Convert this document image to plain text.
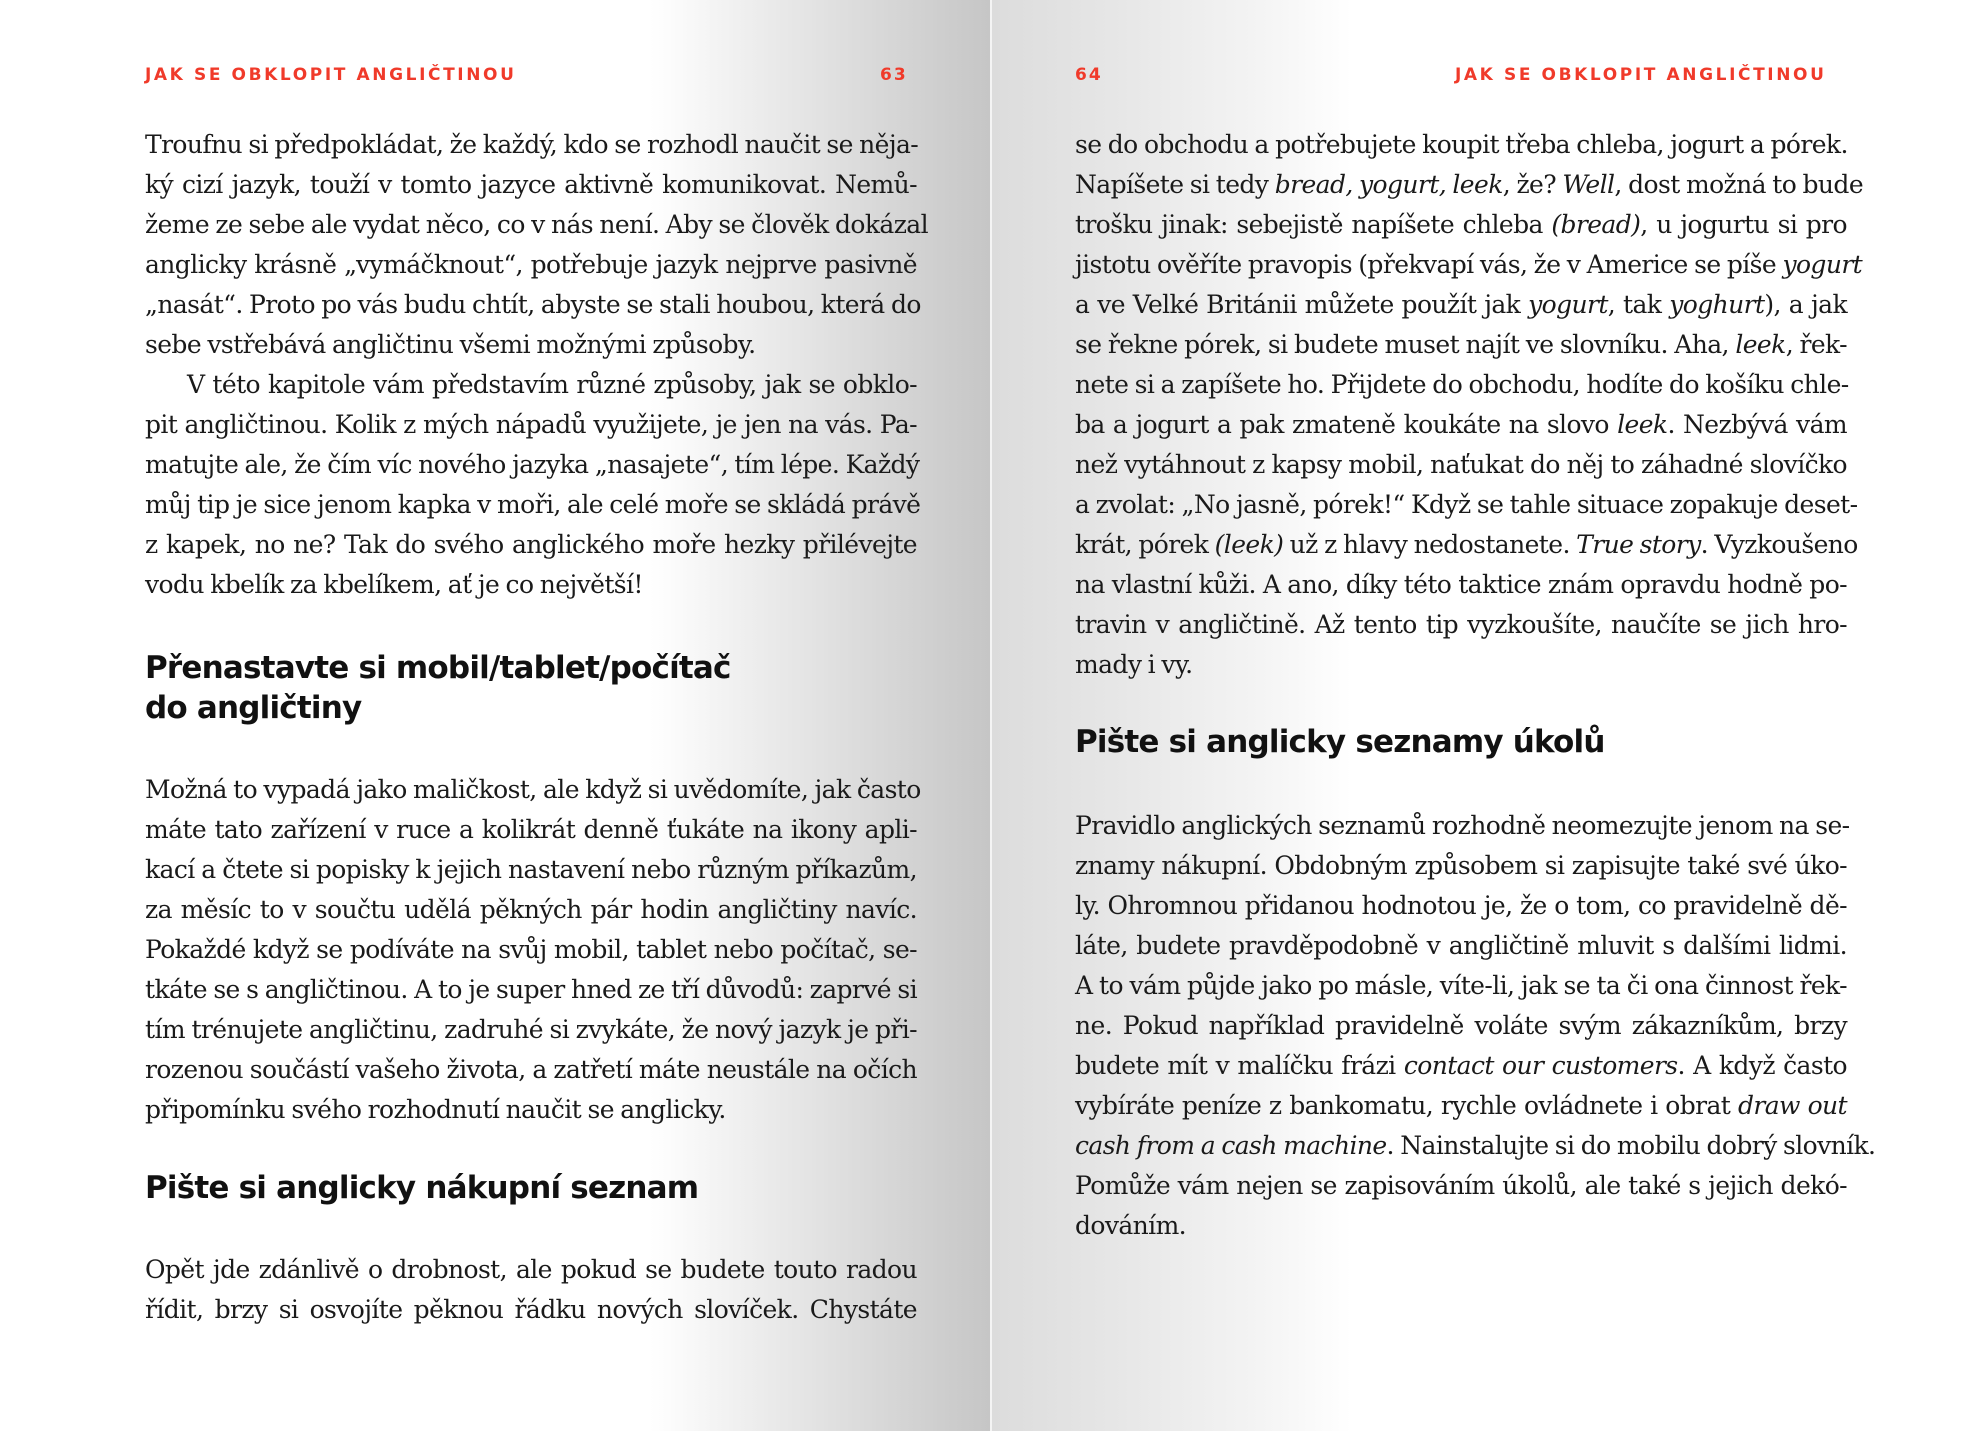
JAK SE OBKLOPIT ANGLIČTINOU	63

Troufnu si předpokládat, že každý, kdo se rozhodl naučit se něja-
ký cizí jazyk, touží v tomto jazyce aktivně komunikovat. Nemů-
žeme ze sebe ale vydat něco, co v nás není. Aby se člověk dokázal
anglicky krásně „vymáčknout“, potřebuje jazyk nejprve pasivně
„nasát“. Proto po vás budu chtít, abyste se stali houbou, která do
sebe vstřebává angličtinu všemi možnými způsoby.

V této kapitole vám představím různé způsoby, jak se obklo-
pit angličtinou. Kolik z mých nápadů využijete, je jen na vás. Pa-
matujte ale, že čím víc nového jazyka „nasajete“, tím lépe. Každý
můj tip je sice jenom kapka v moři, ale celé moře se skládá právě
z kapek, no ne? Tak do svého anglického moře hezky přilévejte
vodu kbelík za kbelíkem, ať je co největší!

Přenastavte si mobil/tablet/počítač
do angličtiny

Možná to vypadá jako maličkost, ale když si uvědomíte, jak často
máte tato zařízení v ruce a kolikrát denně ťukáte na ikony apli-
kací a čtete si popisky k jejich nastavení nebo různým příkazům,
za měsíc to v součtu udělá pěkných pár hodin angličtiny navíc.
Pokaždé když se podíváte na svůj mobil, tablet nebo počítač, se-
tkáte se s angličtinou. A to je super hned ze tří důvodů: zaprvé si
tím trénujete angličtinu, zadruhé si zvykáte, že nový jazyk je při-
rozenou součástí vašeho života, a zatřetí máte neustále na očích
připomínku svého rozhodnutí naučit se anglicky.

Pište si anglicky nákupní seznam

Opět jde zdánlivě o drobnost, ale pokud se budete touto radou
řídit, brzy si osvojíte pěknou řádku nových slovíček. Chystáte

64	JAK SE OBKLOPIT ANGLIČTINOU

se do obchodu a potřebujete koupit třeba chleba, jogurt a pórek.
Napíšete si tedy bread, yogurt, leek, že? Well, dost možná to bude
trošku jinak: sebejistě napíšete chleba (bread), u jogurtu si pro
jistotu ověříte pravopis (překvapí vás, že v Americe se píše yogurt
a ve Velké Británii můžete použít jak yogurt, tak yoghurt), a jak
se řekne pórek, si budete muset najít ve slovníku. Aha, leek, řek-
nete si a zapíšete ho. Přijdete do obchodu, hodíte do košíku chle-
ba a jogurt a pak zmateně koukáte na slovo leek. Nezbývá vám
než vytáhnout z kapsy mobil, naťukat do něj to záhadné slovíčko
a zvolat: „No jasně, pórek!“ Když se tahle situace zopakuje deset-
krát, pórek (leek) už z hlavy nedostanete. True story. Vyzkoušeno
na vlastní kůži. A ano, díky této taktice znám opravdu hodně po-
travin v angličtině. Až tento tip vyzkoušíte, naučíte se jich hro-
mady i vy.

Pište si anglicky seznamy úkolů

Pravidlo anglických seznamů rozhodně neomezujte jenom na se-
znamy nákupní. Obdobným způsobem si zapisujte také své úko-
ly. Ohromnou přidanou hodnotou je, že o tom, co pravidelně dě-
láte, budete pravděpodobně v angličtině mluvit s dalšími lidmi.
A to vám půjde jako po másle, víte-li, jak se ta či ona činnost řek-
ne. Pokud například pravidelně voláte svým zákazníkům, brzy
budete mít v malíčku frázi contact our customers. A když často
vybíráte peníze z bankomatu, rychle ovládnete i obrat draw out
cash from a cash machine. Nainstalujte si do mobilu dobrý slovník.
Pomůže vám nejen se zapisováním úkolů, ale také s jejich dekó-
dováním.
